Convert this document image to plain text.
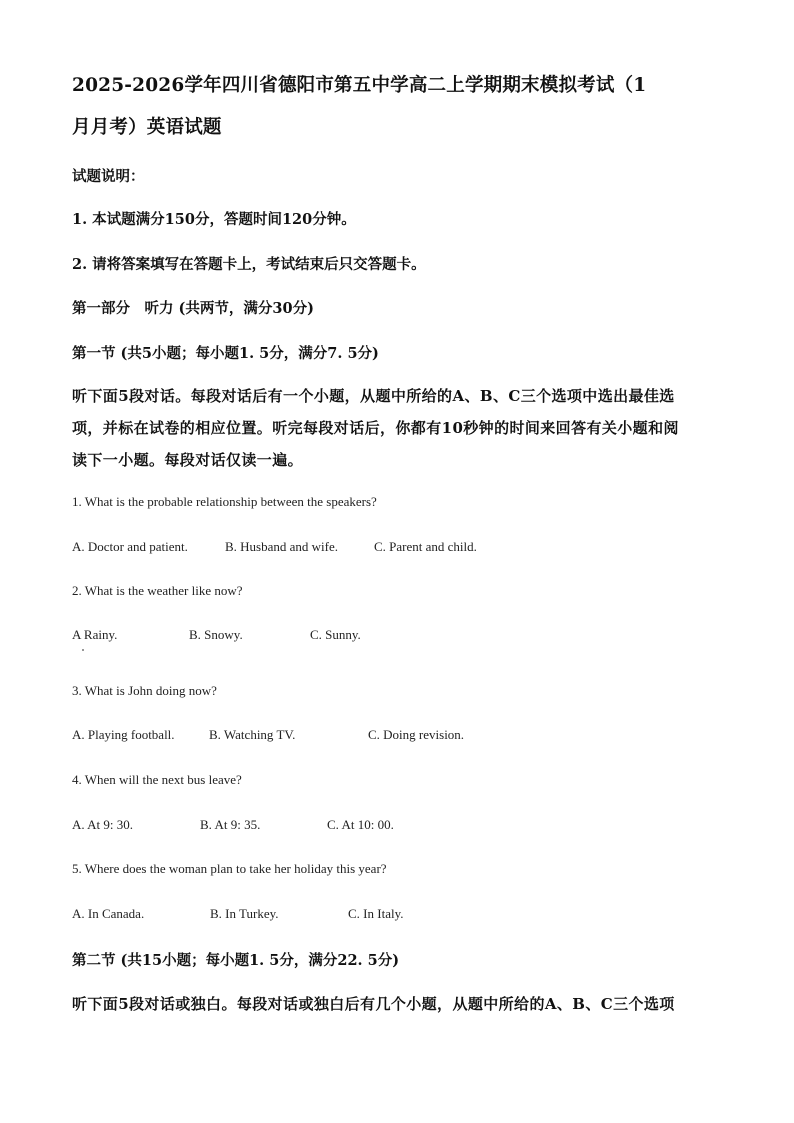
2025-2026学年四川省德阳市第五中学高二上学期期末模拟考试（1
月月考）英语试题
试题说明：
1. 本试题满分150分，答题时间120分钟。
2. 请将答案填写在答题卡上，考试结束后只交答题卡。
第一部分　听力 (共两节，满分30分)
第一节 (共5小题；每小题1. 5分，满分7. 5分)
听下面5段对话。每段对话后有一个小题，从题中所给的A、B、C三个选项中选出最佳选
项，并标在试卷的相应位置。听完每段对话后，你都有10秒钟的时间来回答有关小题和阅
读下一小题。每段对话仅读一遍。
1. What is the probable relationship between the speakers?
A. Doctor and patient.	B. Husband and wife.	C. Parent and child.
2. What is the weather like now?
A Rainy.	B. Snowy.	C. Sunny.
3. What is John doing now?
A. Playing football.	B. Watching TV.	C. Doing revision.
4. When will the next bus leave?
A. At 9: 30.	B. At 9: 35.	C. At 10: 00.
5. Where does the woman plan to take her holiday this year?
A. In Canada.	B. In Turkey.	C. In Italy.
第二节 (共15小题；每小题1. 5分，满分22. 5分)
听下面5段对话或独白。每段对话或独白后有几个小题，从题中所给的A、B、C三个选项
